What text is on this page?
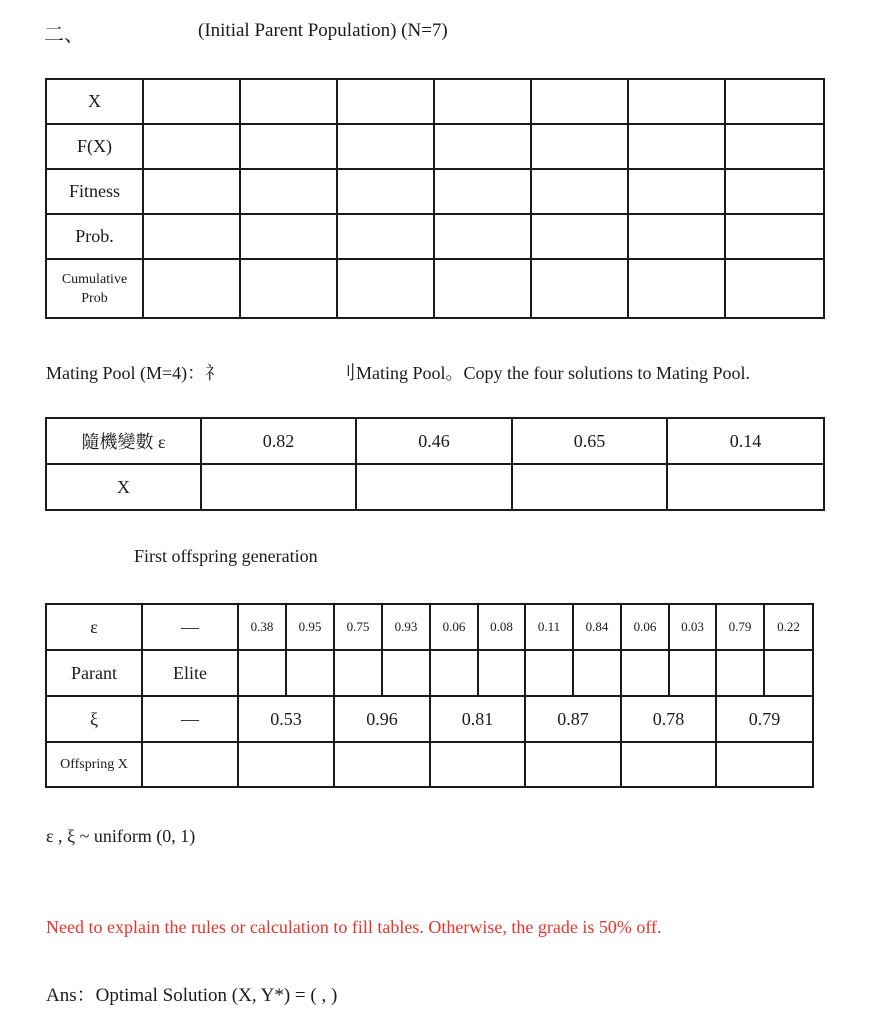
二、	(Initial Parent Population) (N=7)
X							
F(X)							
Fitness							
Prob.							

Cumulative
Prob							

Mating Pool (M=4)：礻	刂Mating Pool。Copy the four solutions to Mating Pool.
隨機變數 ε	0.82	0.46	0.65	0.14
X				
First offspring generation
ε	—	0.38	0.95	0.75	0.93	0.06	0.08	0.11	0.84	0.06	0.03	0.79	0.22
Parant	Elite												
ξ	—	0.53		0.96		0.81		0.87		0.78		0.79	
Offspring X													
ε , ξ ~ uniform (0, 1)
Need to explain the rules or calculation to fill tables. Otherwise, the grade is 50% off.
Ans：Optimal Solution (X, Y*) = ( , )
